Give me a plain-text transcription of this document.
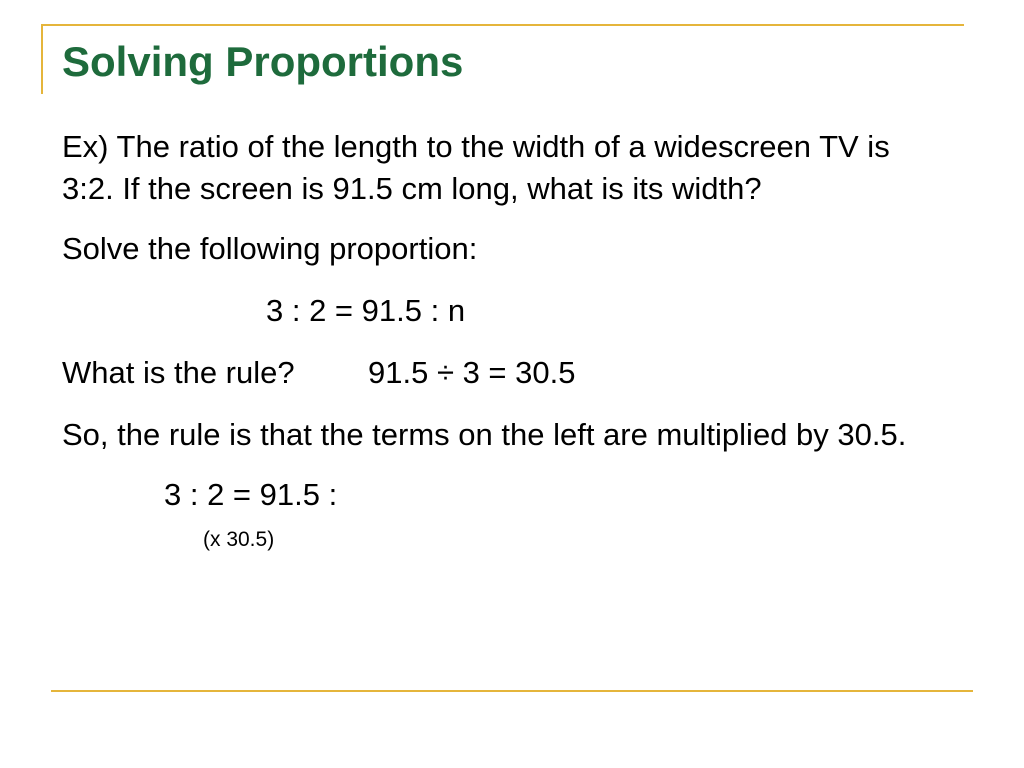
Solving Proportions

Ex) The ratio of the length to the width of a widescreen TV is

3:2. If the screen is 91.5 cm long, what is its width?

Solve the following proportion:

3 : 2 = 91.5 : n

What is the rule? 91.5 ÷ 3 = 30.5

So, the rule is that the terms on the left are multiplied by 30.5.

3 : 2 = 91.5 :

(x 30.5)
